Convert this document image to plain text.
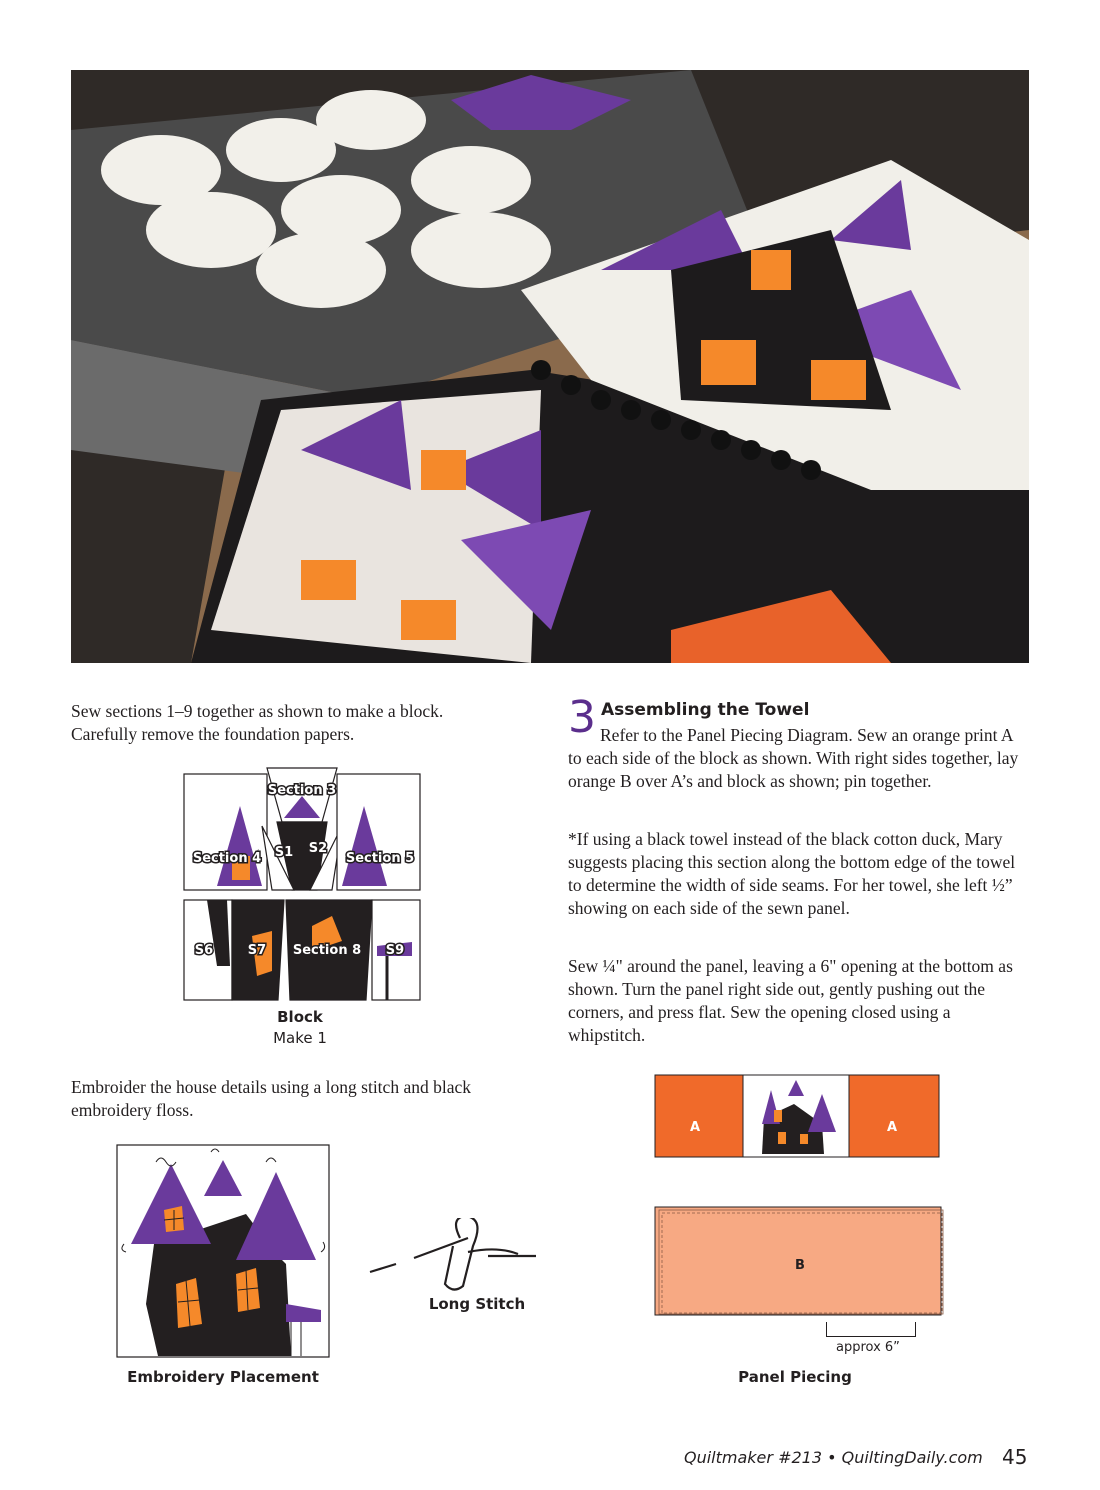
Sew sections 1–9 together as shown to make a block. Carefully remove the foundation papers.
Section 3
Section 4 S1 S2
Section 5
S6	S7 Section 8 S9
Block
Make 1
Embroider the house details using a long stitch and black embroidery floss.
Embroidery Placement
Long Stitch
3 Assembling the Towel
Refer to the Panel Piecing Diagram. Sew an orange print A to each side of the block as shown. With right sides together, lay orange B over A’s and block as shown; pin together.
*If using a black towel instead of the black cotton duck, Mary suggests placing this section along the bottom edge of the towel to determine the width of side seams. For her towel, she left ½” showing on each side of the sewn panel.
Sew ¼" around the panel, leaving a 6" opening at the bottom as shown. Turn the panel right side out, gently pushing out the corners, and press flat. Sew the opening closed using a whipstitch.
A	A
B
approx 6”
Panel Piecing
Quiltmaker #213 • QuiltingDaily.com 45
